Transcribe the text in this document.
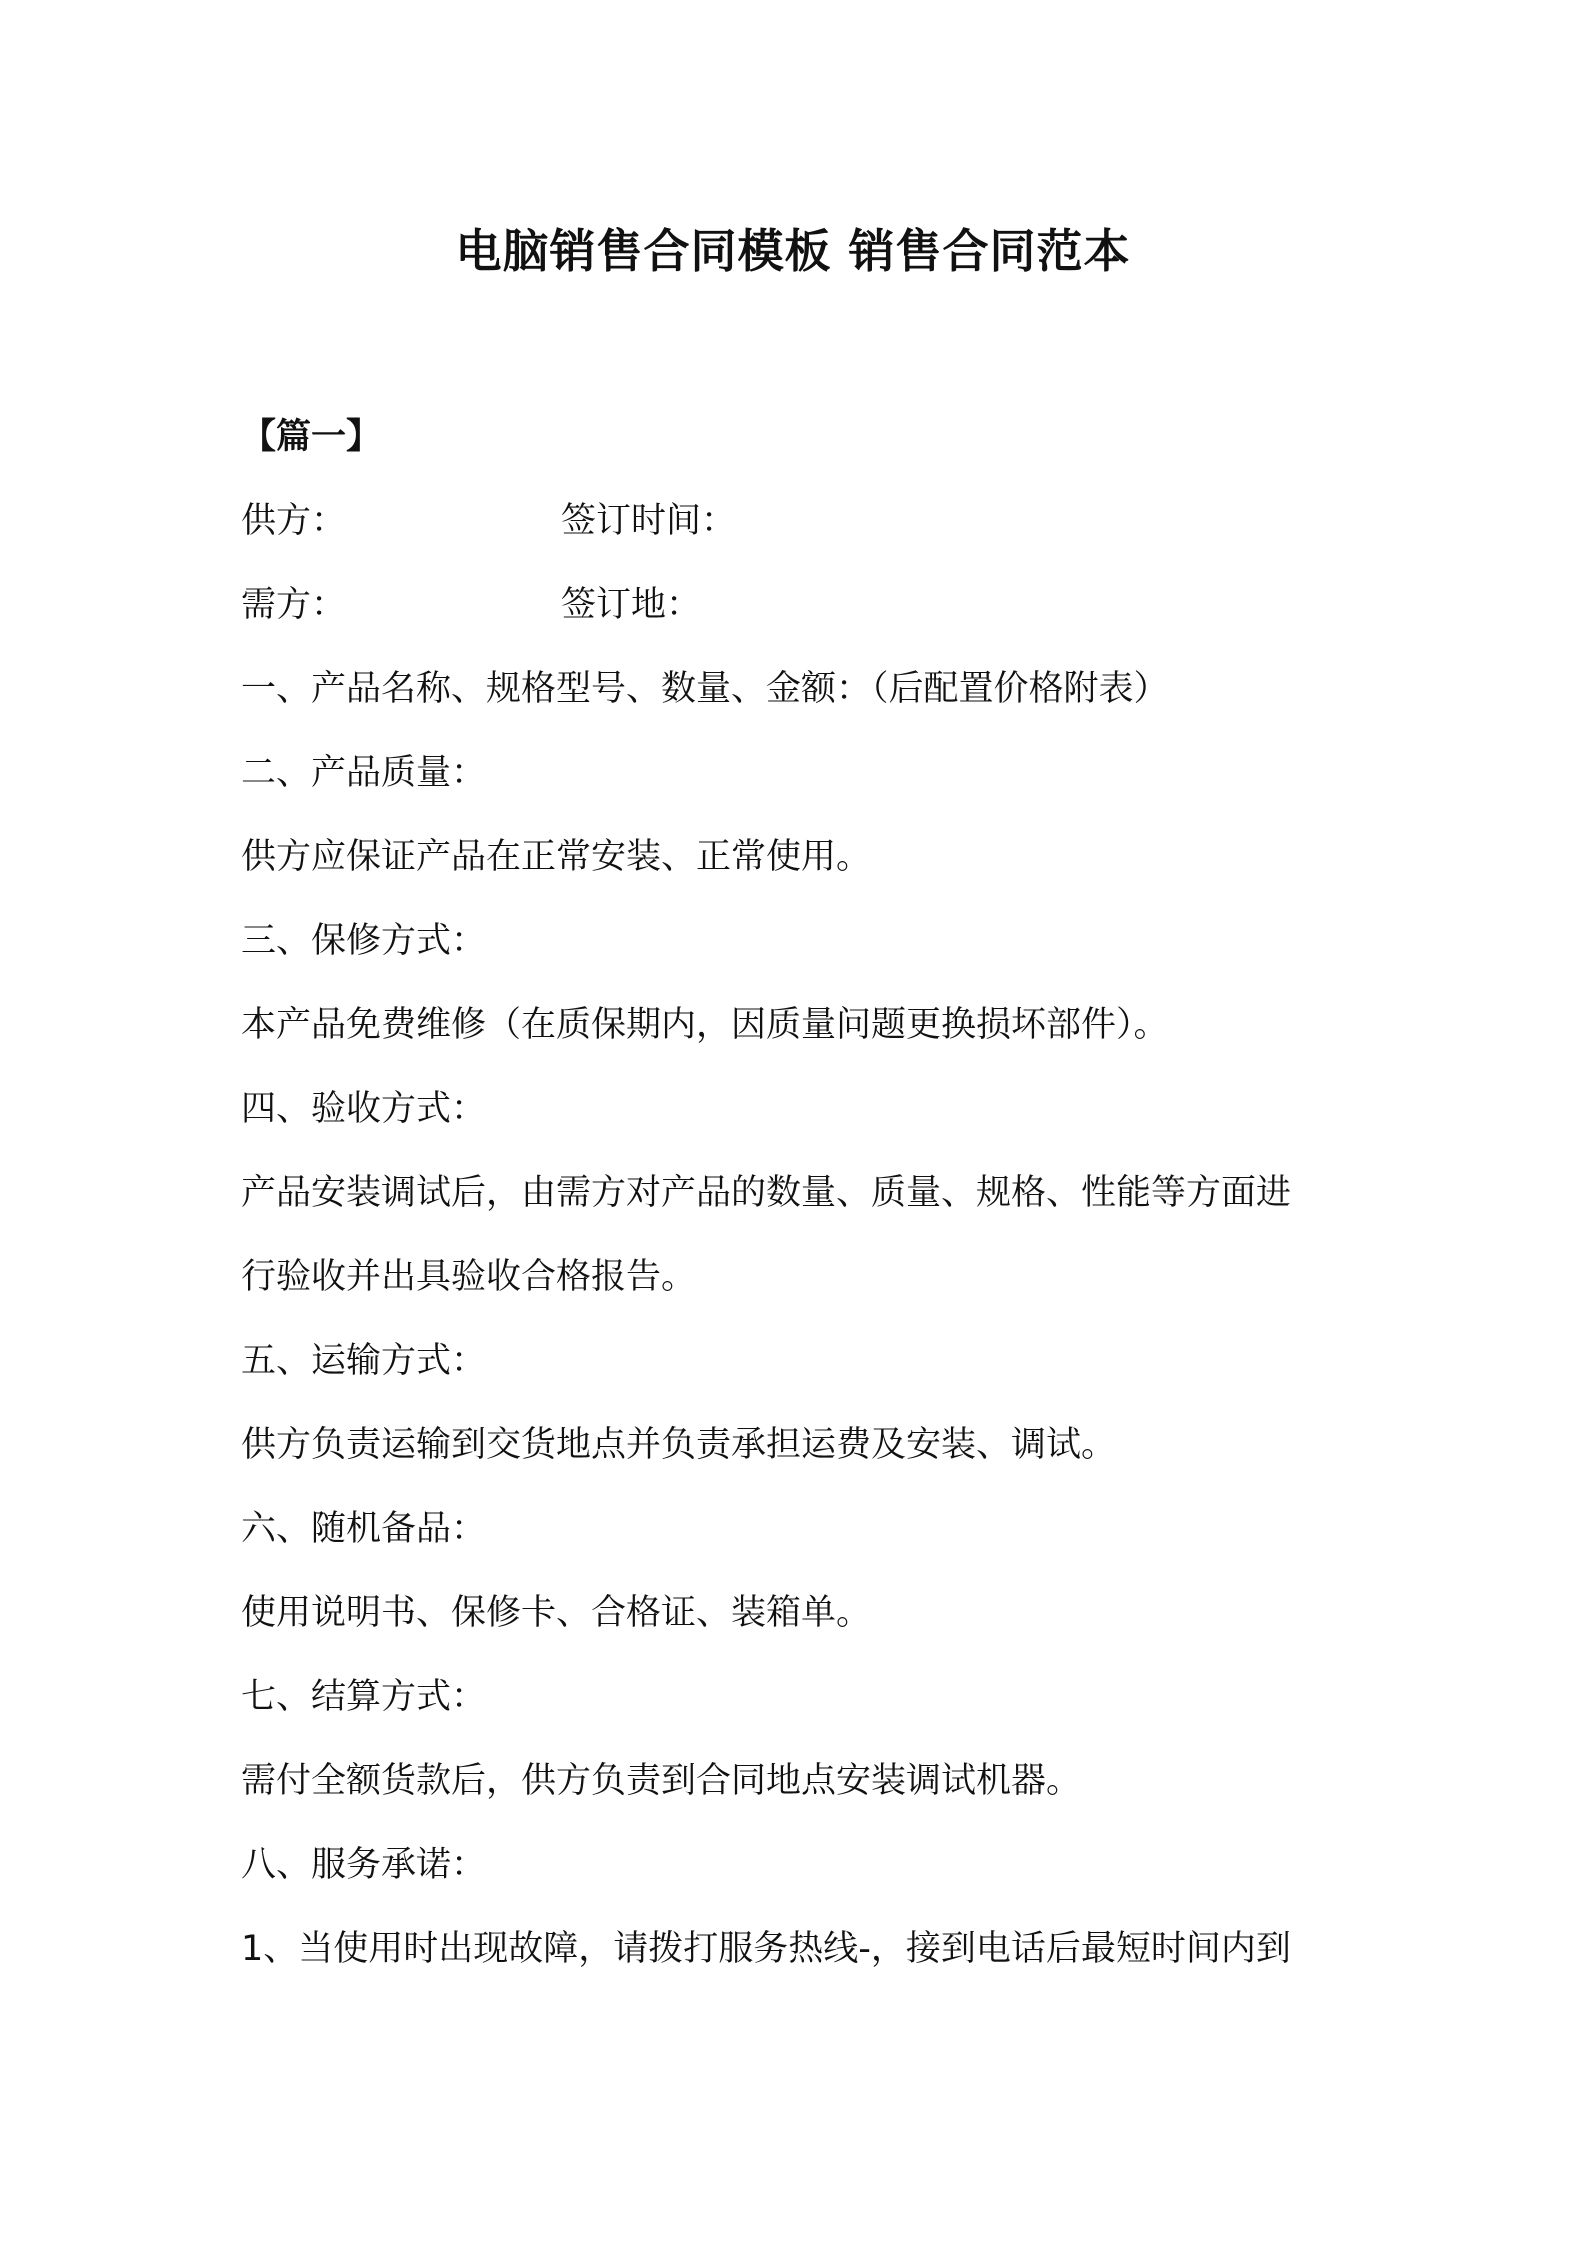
电脑销售合同模板 销售合同范本
【篇一】
供方：	签订时间：
需方：	签订地：
一、产品名称、规格型号、数量、金额：（后配置价格附表）
二、产品质量：
供方应保证产品在正常安装、正常使用。
三、保修方式：
本产品免费维修（在质保期内，因质量问题更换损坏部件）。
四、验收方式：
产品安装调试后，由需方对产品的数量、质量、规格、性能等方面进
行验收并出具验收合格报告。
五、运输方式：
供方负责运输到交货地点并负责承担运费及安装、调试。
六、随机备品：
使用说明书、保修卡、合格证、装箱单。
七、结算方式：
需付全额货款后，供方负责到合同地点安装调试机器。
八、服务承诺：
1、当使用时出现故障，请拨打服务热线-，接到电话后最短时间内到
